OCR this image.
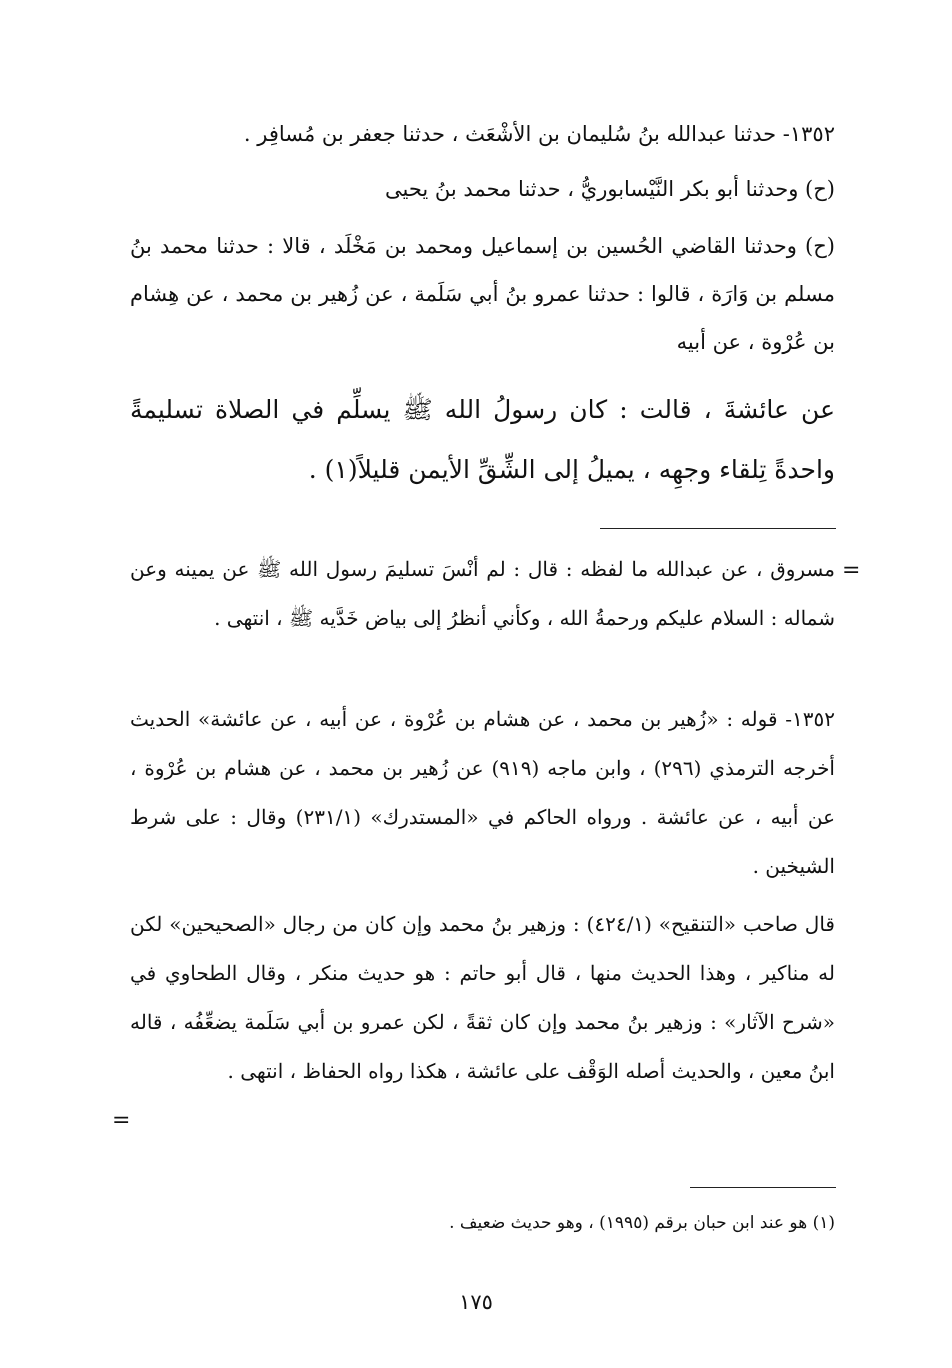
١٣٥٢- حدثنا عبدالله بنُ سُليمان بن الأشْعَث ، حدثنا جعفر بن مُسافِر .

(ح) وحدثنا أبو بكر النَّيْسابوريُّ ، حدثنا محمد بنُ يحيى

(ح) وحدثنا القاضي الحُسين بن إسماعيل ومحمد بن مَخْلَد ، قالا : حدثنا محمد بنُ مسلم بن وَارَة ، قالوا : حدثنا عمرو بنُ أبي سَلَمة ، عن زُهير بن محمد ، عن هِشام بن عُرْوة ، عن أبيه

عن عائشةَ ، قالت : كان رسولُ الله ﷺ يسلِّم في الصلاة تسليمةً واحدةً تِلقاء وجهِه ، يميلُ إلى الشِّقِّ الأيمن قليلاً(١) .

=

مسروق ، عن عبدالله ما لفظه : قال : لم أنْسَ تسليمَ رسول الله ﷺ عن يمينه وعن شماله : السلام عليكم ورحمةُ الله ، وكأني أنظرُ إلى بياض خَدَّيه ﷺ ، انتهى .

١٣٥٢- قوله : «زُهير بن محمد ، عن هشام بن عُرْوة ، عن أبيه ، عن عائشة» الحديث أخرجه الترمذي (٢٩٦) ، وابن ماجه (٩١٩) عن زُهير بن محمد ، عن هشام بن عُرْوة ، عن أبيه ، عن عائشة . ورواه الحاكم في «المستدرك» (٢٣١/١) وقال : على شرط الشيخين .

قال صاحب «التنقيح» (٤٢٤/١) : وزهير بنُ محمد وإن كان من رجال «الصحيحين» لكن له مناكير ، وهذا الحديث منها ، قال أبو حاتم : هو حديث منكر ، وقال الطحاوي في «شرح الآثار» : وزهير بنُ محمد وإن كان ثقةً ، لكن عمرو بن أبي سَلَمة يضعِّفُه ، قاله ابنُ معين ، والحديث أصله الوَقْف على عائشة ، هكذا رواه الحفاظ ، انتهى .

=

(١) هو عند ابن حبان برقم (١٩٩٥) ، وهو حديث ضعيف .

١٧٥
